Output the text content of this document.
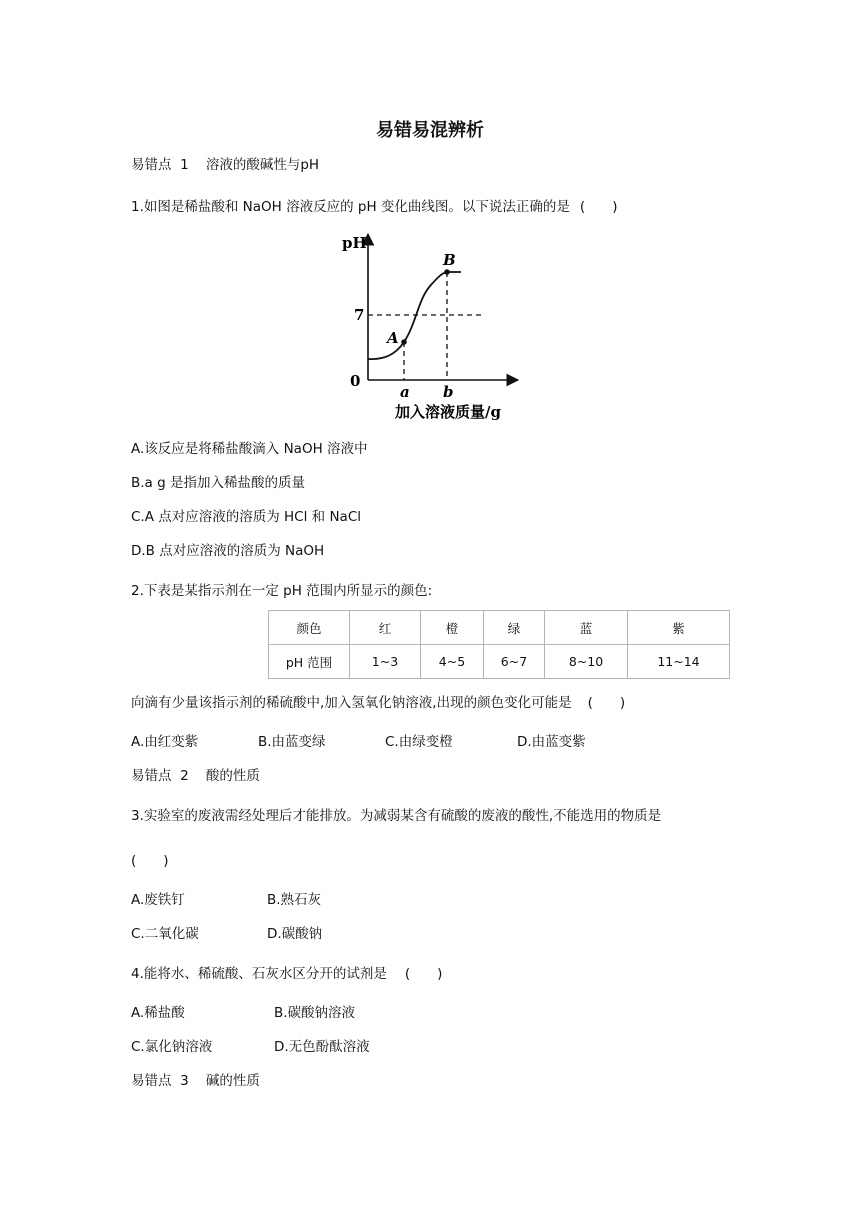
易错易混辨析
易错点 1 溶液的酸碱性与pH
1.如图是稀盐酸和 NaOH 溶液反应的 pH 变化曲线图。以下说法正确的是 (　　)
pH
7
0
A
B
a b
加入溶液质量/g
A.该反应是将稀盐酸滴入 NaOH 溶液中
B.a g 是指加入稀盐酸的质量
C.A 点对应溶液的溶质为 HCl 和 NaCl
D.B 点对应溶液的溶质为 NaOH
2.下表是某指示剂在一定 pH 范围内所显示的颜色:
颜色	红	橙	绿	蓝	紫
pH 范围	1~3	4~5	6~7	8~10	11~14
向滴有少量该指示剂的稀硫酸中,加入氢氧化钠溶液,出现的颜色变化可能是 (　　)
A.由红变紫	B.由蓝变绿	C.由绿变橙	D.由蓝变紫
易错点 2 酸的性质
3.实验室的废液需经处理后才能排放。为减弱某含有硫酸的废液的酸性,不能选用的物质是
(　　)
A.废铁钉	B.熟石灰
C.二氧化碳	D.碳酸钠
4.能将水、稀硫酸、石灰水区分开的试剂是 (　　)
A.稀盐酸	B.碳酸钠溶液
C.氯化钠溶液	D.无色酚酞溶液
易错点 3 碱的性质
